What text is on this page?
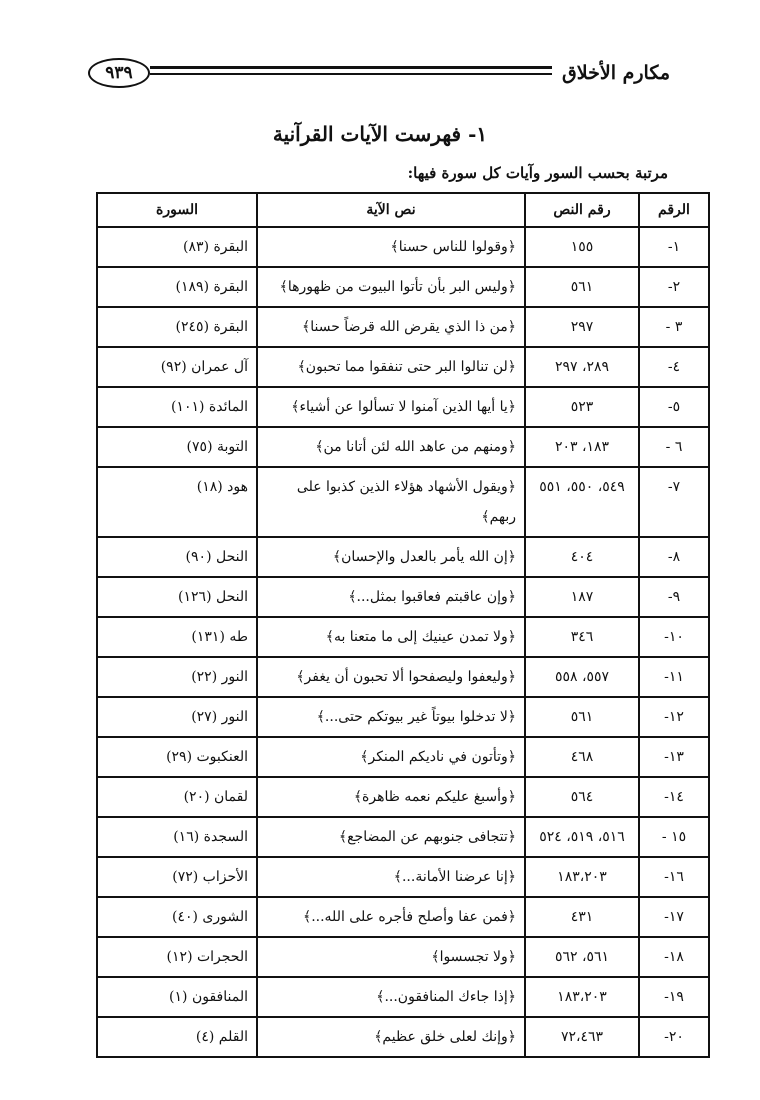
مكارم الأخلاق
٩٣٩
١- فهرست الآيات القرآنية
مرتبة بحسب السور وآيات كل سورة فيها:
الرقم	رقم النص	نص الآية	السورة
١-	١٥٥	﴿وقولوا للناس حسنا﴾	البقرة (٨٣)
٢-	٥٦١	﴿وليس البر بأن تأتوا البيوت من ظهورها﴾	البقرة (١٨٩)
٣ -	٢٩٧	﴿من ذا الذي يقرض الله قرضاً حسنا﴾	البقرة (٢٤٥)
٤-	٢٨٩، ٢٩٧	﴿لن تنالوا البر حتى تنفقوا مما تحبون﴾	آل عمران (٩٢)
٥-	٥٢٣	﴿يا أيها الذين آمنوا لا تسألوا عن أشياء﴾	المائدة (١٠١)
٦ -	١٨٣، ٢٠٣	﴿ومنهم من عاهد الله لئن أتانا من﴾	التوبة (٧٥)
٧-	٥٤٩، ٥٥٠، ٥٥١	﴿ويقول الأشهاد هؤلاء الذين كذبوا على ربهم﴾	هود (١٨)
٨-	٤٠٤	﴿إن الله يأمر بالعدل والإحسان﴾	النحل (٩٠)
٩-	١٨٧	﴿وإن عاقبتم فعاقبوا بمثل...﴾	النحل (١٢٦)
١٠-	٣٤٦	﴿ولا تمدن عينيك إلى ما متعنا به﴾	طه (١٣١)
١١-	٥٥٧، ٥٥٨	﴿وليعفوا وليصفحوا ألا تحبون أن يغفر﴾	النور (٢٢)
١٢-	٥٦١	﴿لا تدخلوا بيوتاً غير بيوتكم حتى...﴾	النور (٢٧)
١٣-	٤٦٨	﴿وتأتون في ناديكم المنكر﴾	العنكبوت (٢٩)
١٤-	٥٦٤	﴿وأسبغ عليكم نعمه ظاهرة﴾	لقمان (٢٠)
١٥ -	٥١٦، ٥١٩، ٥٢٤	﴿تتجافى جنوبهم عن المضاجع﴾	السجدة (١٦)
١٦-	١٨٣،٢٠٣	﴿إنا عرضنا الأمانة...﴾	الأحزاب (٧٢)
١٧-	٤٣١	﴿فمن عفا وأصلح فأجره على الله...﴾	الشورى (٤٠)
١٨-	٥٦١، ٥٦٢	﴿ولا تجسسوا﴾	الحجرات (١٢)
١٩-	١٨٣،٢٠٣	﴿إذا جاءك المنافقون...﴾	المنافقون (١)
٢٠-	٧٢،٤٦٣	﴿وإنك لعلى خلق عظيم﴾	القلم (٤)
